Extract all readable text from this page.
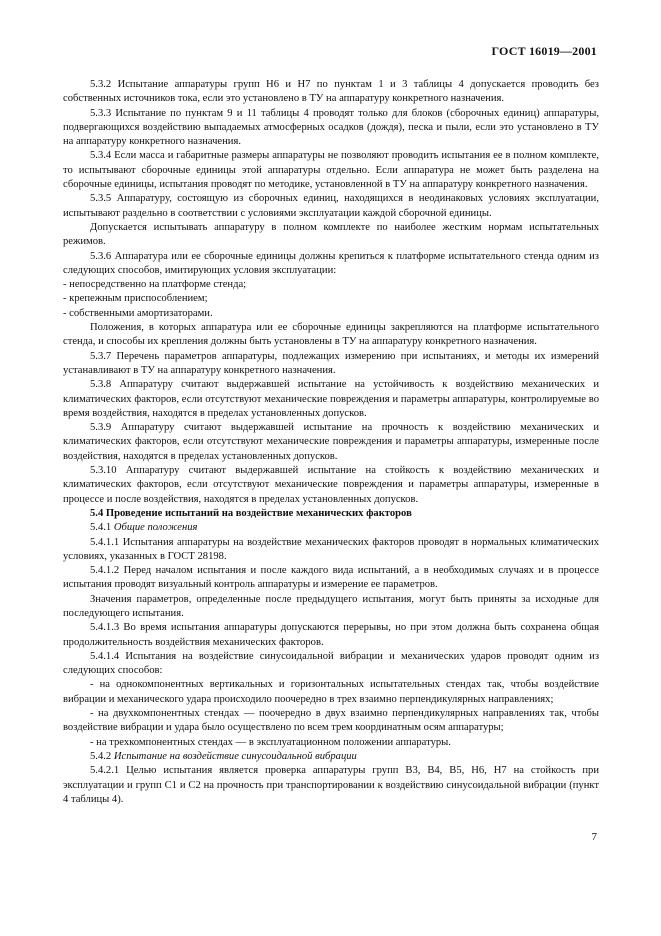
ГОСТ 16019—2001

5.3.2 Испытание аппаратуры групп Н6 и Н7 по пунктам 1 и 3 таблицы 4 допускается проводить без собственных источников тока, если это установлено в ТУ на аппаратуру конкретного назначения.

5.3.3 Испытание по пунктам 9 и 11 таблицы 4 проводят только для блоков (сборочных единиц) аппаратуры, подвергающихся воздействию выпадаемых атмосферных осадков (дождя), песка и пыли, если это установлено в ТУ на аппаратуру конкретного назначения.

5.3.4 Если масса и габаритные размеры аппаратуры не позволяют проводить испытания ее в полном комплекте, то испытывают сборочные единицы этой аппаратуры отдельно. Если аппаратура не может быть разделена на сборочные единицы, испытания проводят по методике, установленной в ТУ на аппаратуру конкретного назначения.

5.3.5 Аппаратуру, состоящую из сборочных единиц, находящихся в неодинаковых условиях эксплуатации, испытывают раздельно в соответствии с условиями эксплуатации каждой сборочной единицы.

Допускается испытывать аппаратуру в полном комплекте по наиболее жестким нормам испытательных режимов.

5.3.6 Аппаратура или ее сборочные единицы должны крепиться к платформе испытательного стенда одним из следующих способов, имитирующих условия эксплуатации:

- непосредственно на платформе стенда;

- крепежным приспособлением;

- собственными амортизаторами.

Положения, в которых аппаратура или ее сборочные единицы закрепляются на платформе испытательного стенда, и способы их крепления должны быть установлены в ТУ на аппаратуру конкретного назначения.

5.3.7 Перечень параметров аппаратуры, подлежащих измерению при испытаниях, и методы их измерений устанавливают в ТУ на аппаратуру конкретного назначения.

5.3.8 Аппаратуру считают выдержавшей испытание на устойчивость к воздействию механических и климатических факторов, если отсутствуют механические повреждения и параметры аппаратуры, контролируемые во время воздействия, находятся в пределах установленных допусков.

5.3.9 Аппаратуру считают выдержавшей испытание на прочность к воздействию механических и климатических факторов, если отсутствуют механические повреждения и параметры аппаратуры, измеренные после воздействия, находятся в пределах установленных допусков.

5.3.10 Аппаратуру считают выдержавшей испытание на стойкость к воздействию механических и климатических факторов, если отсутствуют механические повреждения и параметры аппаратуры, измеренные в процессе и после воздействия, находятся в пределах установленных допусков.

5.4 Проведение испытаний на воздействие механических факторов

5.4.1 Общие положения

5.4.1.1 Испытания аппаратуры на воздействие механических факторов проводят в нормальных климатических условиях, указанных в ГОСТ 28198.

5.4.1.2 Перед началом испытания и после каждого вида испытаний, а в необходимых случаях и в процессе испытания проводят визуальный контроль аппаратуры и измерение ее параметров.

Значения параметров, определенные после предыдущего испытания, могут быть приняты за исходные для последующего испытания.

5.4.1.3 Во время испытания аппаратуры допускаются перерывы, но при этом должна быть сохранена общая продолжительность воздействия механических факторов.

5.4.1.4 Испытания на воздействие синусоидальной вибрации и механических ударов проводят одним из следующих способов:

- на однокомпонентных вертикальных и горизонтальных испытательных стендах так, чтобы воздействие вибрации и механического удара происходило поочередно в трех взаимно перпендикулярных направлениях;

- на двухкомпонентных стендах — поочередно в двух взаимно перпендикулярных направлениях так, чтобы воздействие вибрации и удара было осуществлено по всем трем координатным осям аппаратуры;

- на трехкомпонентных стендах — в эксплуатационном положении аппаратуры.

5.4.2 Испытание на воздействие синусоидальной вибрации

5.4.2.1 Целью испытания является проверка аппаратуры групп В3, В4, В5, Н6, Н7 на стойкость при эксплуатации и групп С1 и С2 на прочность при транспортировании к воздействию синусоидальной вибрации (пункт 4 таблицы 4).

7
